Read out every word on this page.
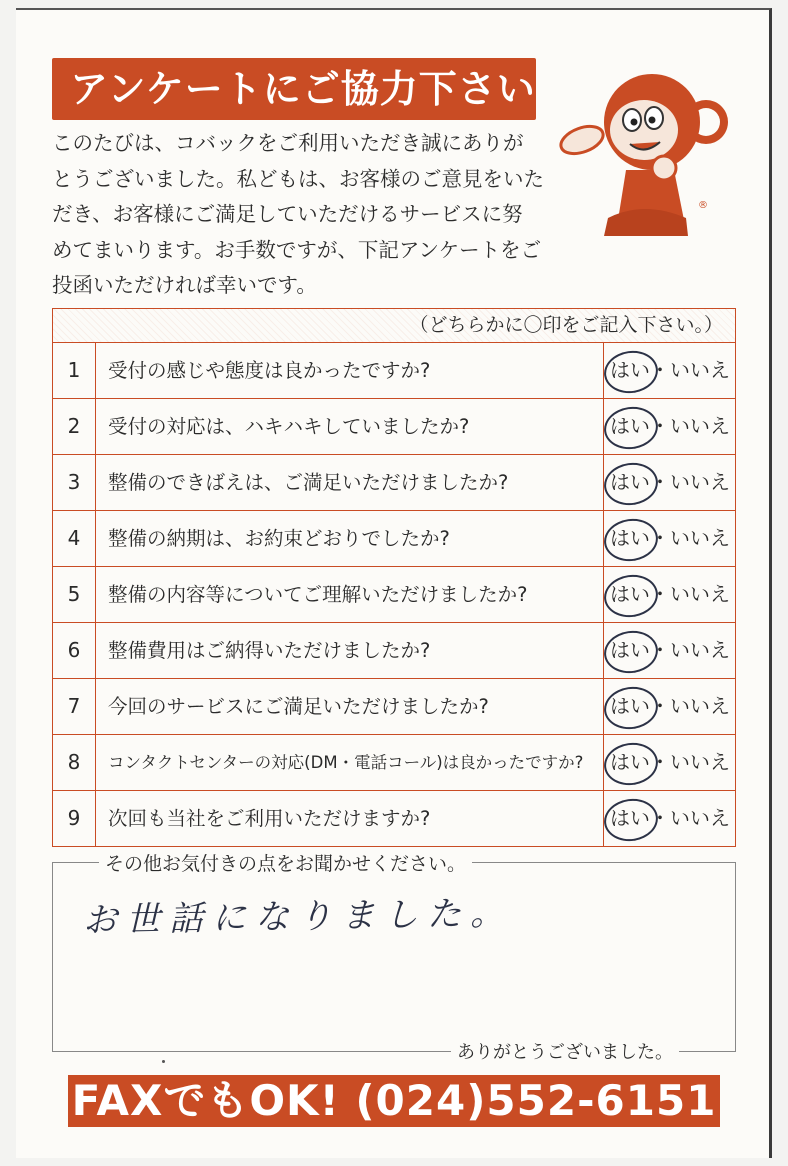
アンケートにご協力下さい

このたびは、コバックをご利用いただき誠にありが
とうございました。私どもは、お客様のご意見をいた
だき、お客様にご満足していただけるサービスに努
めてまいります。お手数ですが、下記アンケートをご
投函いただければ幸いです。

®
（どちらかに〇印をご記入下さい。）
1	受付の感じや態度は良かったですか?	はい・いいえ
2	受付の対応は、ハキハキしていましたか?	はい・いいえ
3	整備のできばえは、ご満足いただけましたか?	はい・いいえ
4	整備の納期は、お約束どおりでしたか?	はい・いいえ
5	整備の内容等についてご理解いただけましたか?	はい・いいえ
6	整備費用はご納得いただけましたか?	はい・いいえ
7	今回のサービスにご満足いただけましたか?	はい・いいえ
8	コンタクトセンターの対応(DM・電話コール)は良かったですか?	はい・いいえ
9	次回も当社をご利用いただけますか?	はい・いいえ
その他お気付きの点をお聞かせください。
お世話になりました。
ありがとうございました。
FAXでもOK! (024)552-6151
